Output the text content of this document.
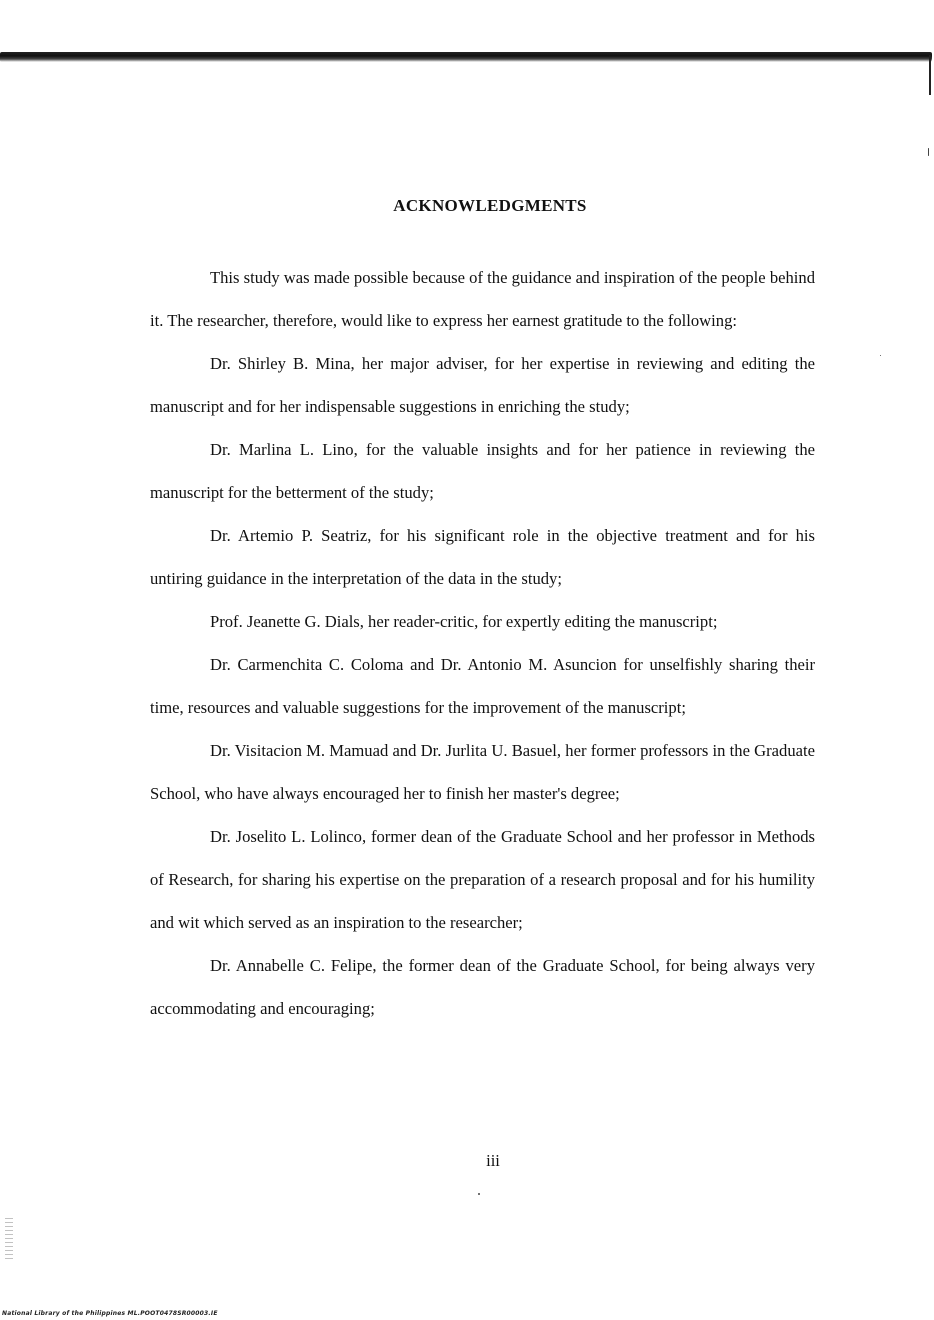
ACKNOWLEDGMENTS

This study was made possible because of the guidance and inspiration of the people behind it. The researcher, therefore, would like to express her earnest gratitude to the following:

Dr. Shirley B. Mina, her major adviser, for her expertise in reviewing and editing the manuscript and for her indispensable suggestions in enriching the study;

Dr. Marlina L. Lino, for the valuable insights and for her patience in reviewing the manuscript for the betterment of the study;

Dr. Artemio P. Seatriz, for his significant role in the objective treatment and for his untiring guidance in the interpretation of the data in the study;

Prof. Jeanette G. Dials, her reader-critic, for expertly editing the manuscript;

Dr. Carmenchita C. Coloma and Dr. Antonio M. Asuncion for unselfishly sharing their time, resources and valuable suggestions for the improvement of the manuscript;

Dr. Visitacion M. Mamuad and Dr. Jurlita U. Basuel, her former professors in the Graduate School, who have always encouraged her to finish her master's degree;

Dr. Joselito L. Lolinco, former dean of the Graduate School and her professor in Methods of Research, for sharing his expertise on the preparation of a research proposal and for his humility and wit which served as an inspiration to the researcher;

Dr. Annabelle C. Felipe, the former dean of the Graduate School, for being always very accommodating and encouraging;

iii
National Library of the Philippines ML.POOT0478SR00003.IE
